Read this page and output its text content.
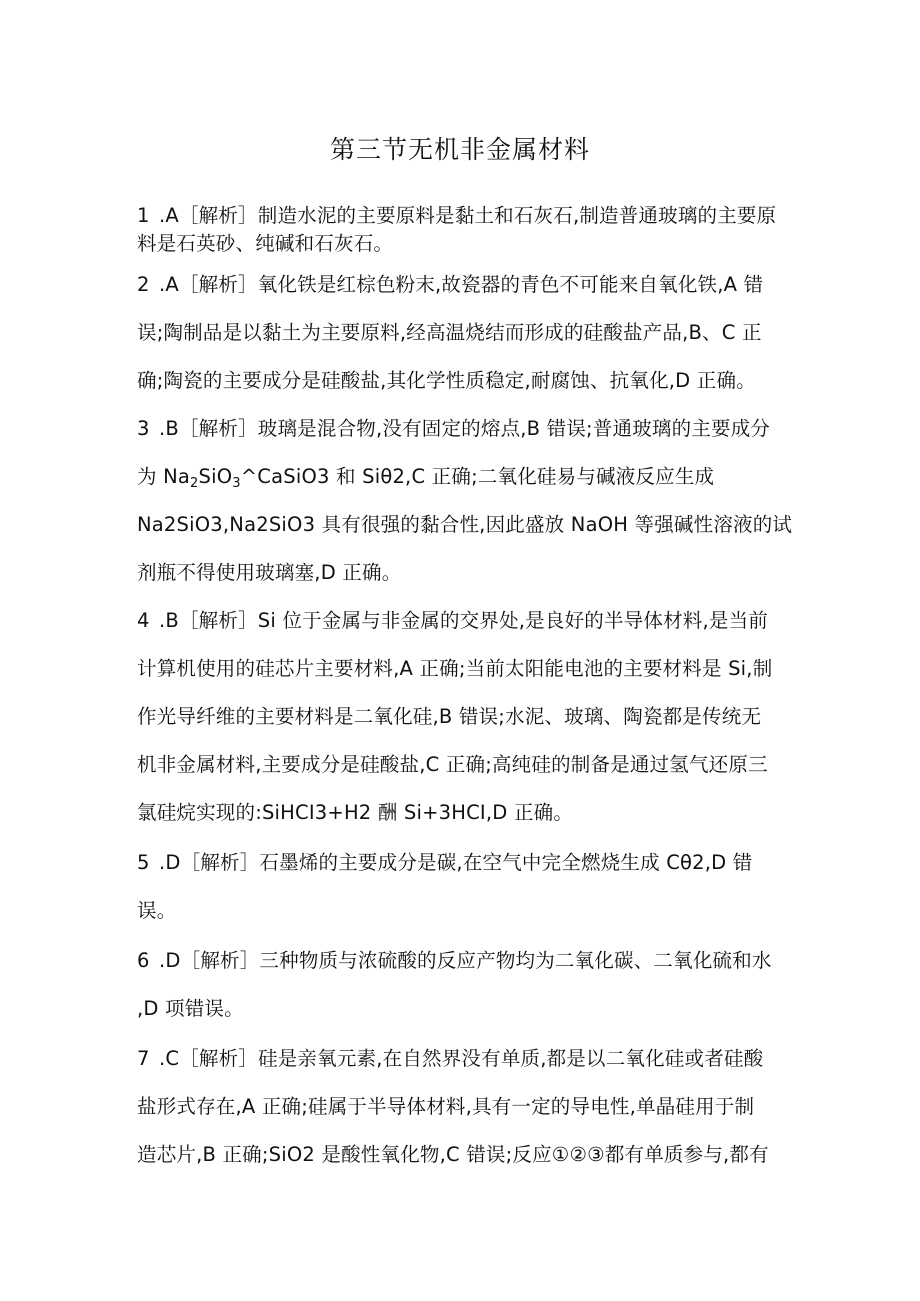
第三节无机非金属材料
1 .A［解析］制造水泥的主要原料是黏土和石灰石,制造普通玻璃的主要原
料是石英砂、纯碱和石灰石。
2 .A［解析］氧化铁是红棕色粉末,故瓷器的青色不可能来自氧化铁,A 错
误;陶制品是以黏土为主要原料,经高温烧结而形成的硅酸盐产品,B、C 正
确;陶瓷的主要成分是硅酸盐,其化学性质稳定,耐腐蚀、抗氧化,D 正确。
3 .B［解析］玻璃是混合物,没有固定的熔点,B 错误;普通玻璃的主要成分
为 $Na_2SiO_3\^{}CaSiO3$ 和 Siθ2,C 正确;二氧化硅易与碱液反应生成
Na2SiO3,Na2SiO3 具有很强的黏合性,因此盛放 NaOH 等强碱性溶液的试
剂瓶不得使用玻璃塞,D 正确。
4 .B［解析］Si 位于金属与非金属的交界处,是良好的半导体材料,是当前
计算机使用的硅芯片主要材料,A 正确;当前太阳能电池的主要材料是 Si,制
作光导纤维的主要材料是二氧化硅,B 错误;水泥、玻璃、陶瓷都是传统无
机非金属材料,主要成分是硅酸盐,C 正确;高纯硅的制备是通过氢气还原三
氯硅烷实现的:SiHCI3+H2 酬 Si+3HCI,D 正确。
5 .D［解析］石墨烯的主要成分是碳,在空气中完全燃烧生成 Cθ2,D 错
误。
6 .D［解析］三种物质与浓硫酸的反应产物均为二氧化碳、二氧化硫和水
,D 项错误。
7 .C［解析］硅是亲氧元素,在自然界没有单质,都是以二氧化硅或者硅酸
盐形式存在,A 正确;硅属于半导体材料,具有一定的导电性,单晶硅用于制
造芯片,B 正确;SiO2 是酸性氧化物,C 错误;反应①②③都有单质参与,都有
